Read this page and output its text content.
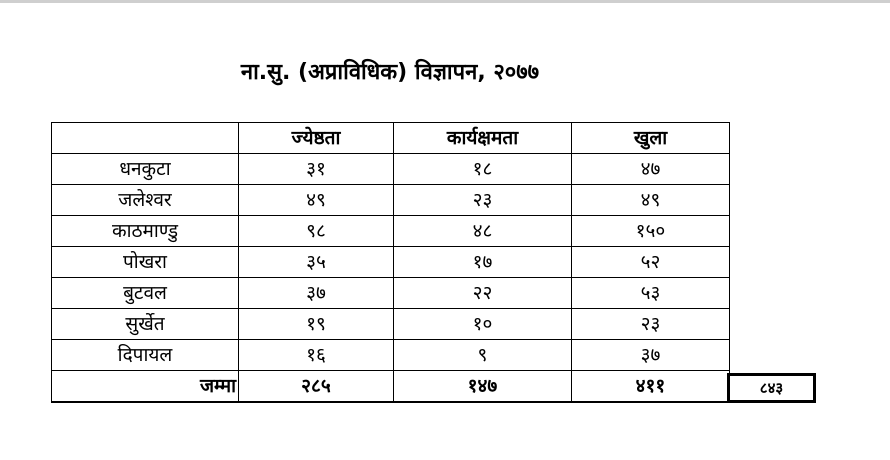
ना.सु. (अप्राविधिक) विज्ञापन, २०७७
	ज्येष्ठता	कार्यक्षमता	खुला
धनकुटा	३१	१८	४७
जलेश्वर	४९	२३	४९
काठमाण्डु	९८	४८	१५०
पोखरा	३५	१७	५२
बुटवल	३७	२२	५३
सुर्खेत	१९	१०	२३
दिपायल	१६	९	३७
जम्मा	२८५	१४७	४११	८४३
